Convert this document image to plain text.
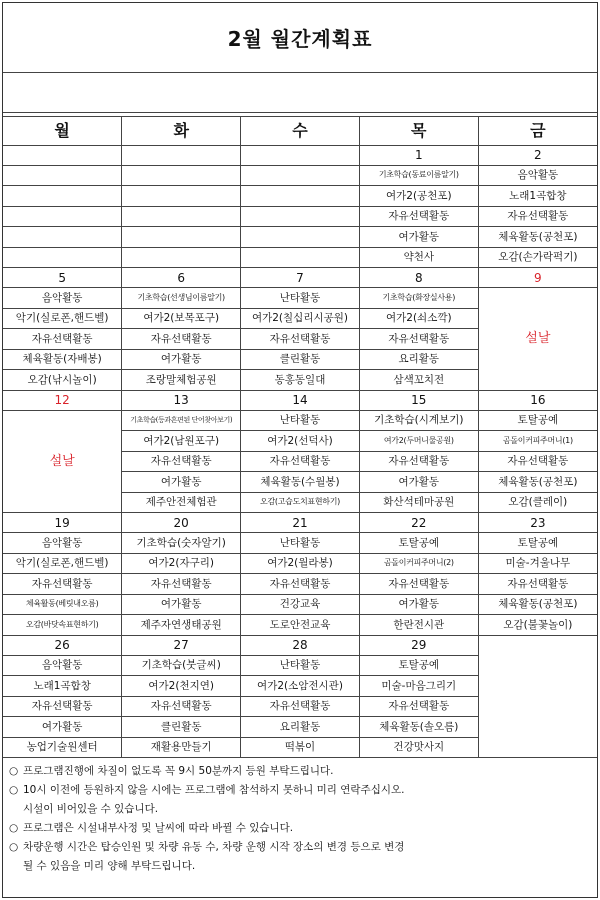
2월 월간계획표
월	화	수	목	금
			1	2
			기초학습(동료이름알기)	음악활동
			여가2(공천포)	노래1곡합창
			자유선택활동	자유선택활동
			여가활동	체육활동(공천포)
			약천사	오감(손가락퍽기)
5	6	7	8	9
음악활동	기초학습(선생님이름알기)	난타활동	기초학습(화장실사용)	설날
악기(실로폰,핸드벨)	여가2(보목포구)	여가2(칠십리시공원)	여가2(쇠소깍)	
자유선택활동	자유선택활동	자유선택활동	자유선택활동	
체육활동(자배봉)	여가활동	클린활동	요리활동	
오감(낚시놀이)	조랑말체험공원	동홍동일대	삼색꼬치전	
12	13	14	15	16
설날	기초학습(등과흔편된 단어찾아보기)	난타활동	기초학습(시계보기)	토탈공예
	여가2(남원포구)	여가2(선덕사)	여가2(두머니물공원)	곰돌이커피주머니(1)
	자유선택활동	자유선택활동	자유선택활동	자유선택활동
	여가활동	체육활동(수월봉)	여가활동	체육활동(공천포)
	제주안전체험관	오감(고습도치표현하기)	화산석테마공원	오감(클레이)
19	20	21	22	23
음악활동	기초학습(숫자알기)	난타활동	토탈공예	토탈공예
악기(실로폰,핸드벨)	여가2(자구리)	여가2(월라봉)	곰돌이커피주머니(2)	미술-겨울나무
자유선택활동	자유선택활동	자유선택활동	자유선택활동	자유선택활동
체육활동(베릿내오름)	여가활동	건강교육	여가활동	체육활동(공천포)
오감(바닷속표현하기)	제주자연생태공원	도로안전교육	한란전시관	오감(불꽃놀이)
26	27	28	29	
음악활동	기초학습(붓글씨)	난타활동	토탈공예	
노래1곡합창	여가2(천지연)	여가2(소암전시관)	미술-마음그리기	
자유선택활동	자유선택활동	자유선택활동	자유선택활동	
여가활동	클린활동	요리활동	체육활동(솔오름)	
농업기술원센터	재활용만들기	떡볶이	건강맛사지	
○ 프로그램진행에 차질이 없도록 꼭 9시 50분까지 등원 부탁드립니다.
○ 10시 이전에 등원하지 않을 시에는 프로그램에 참석하지 못하니 미리 연락주십시오.
시설이 비어있을 수 있습니다.
○ 프로그램은 시설내부사정 및 날씨에 따라 바뀔 수 있습니다.
○ 차량운행 시간은 탑승인원 및 차량 유동 수, 차량 운행 시작 장소의 변경 등으로 변경
될 수 있음을 미리 양해 부탁드립니다.
